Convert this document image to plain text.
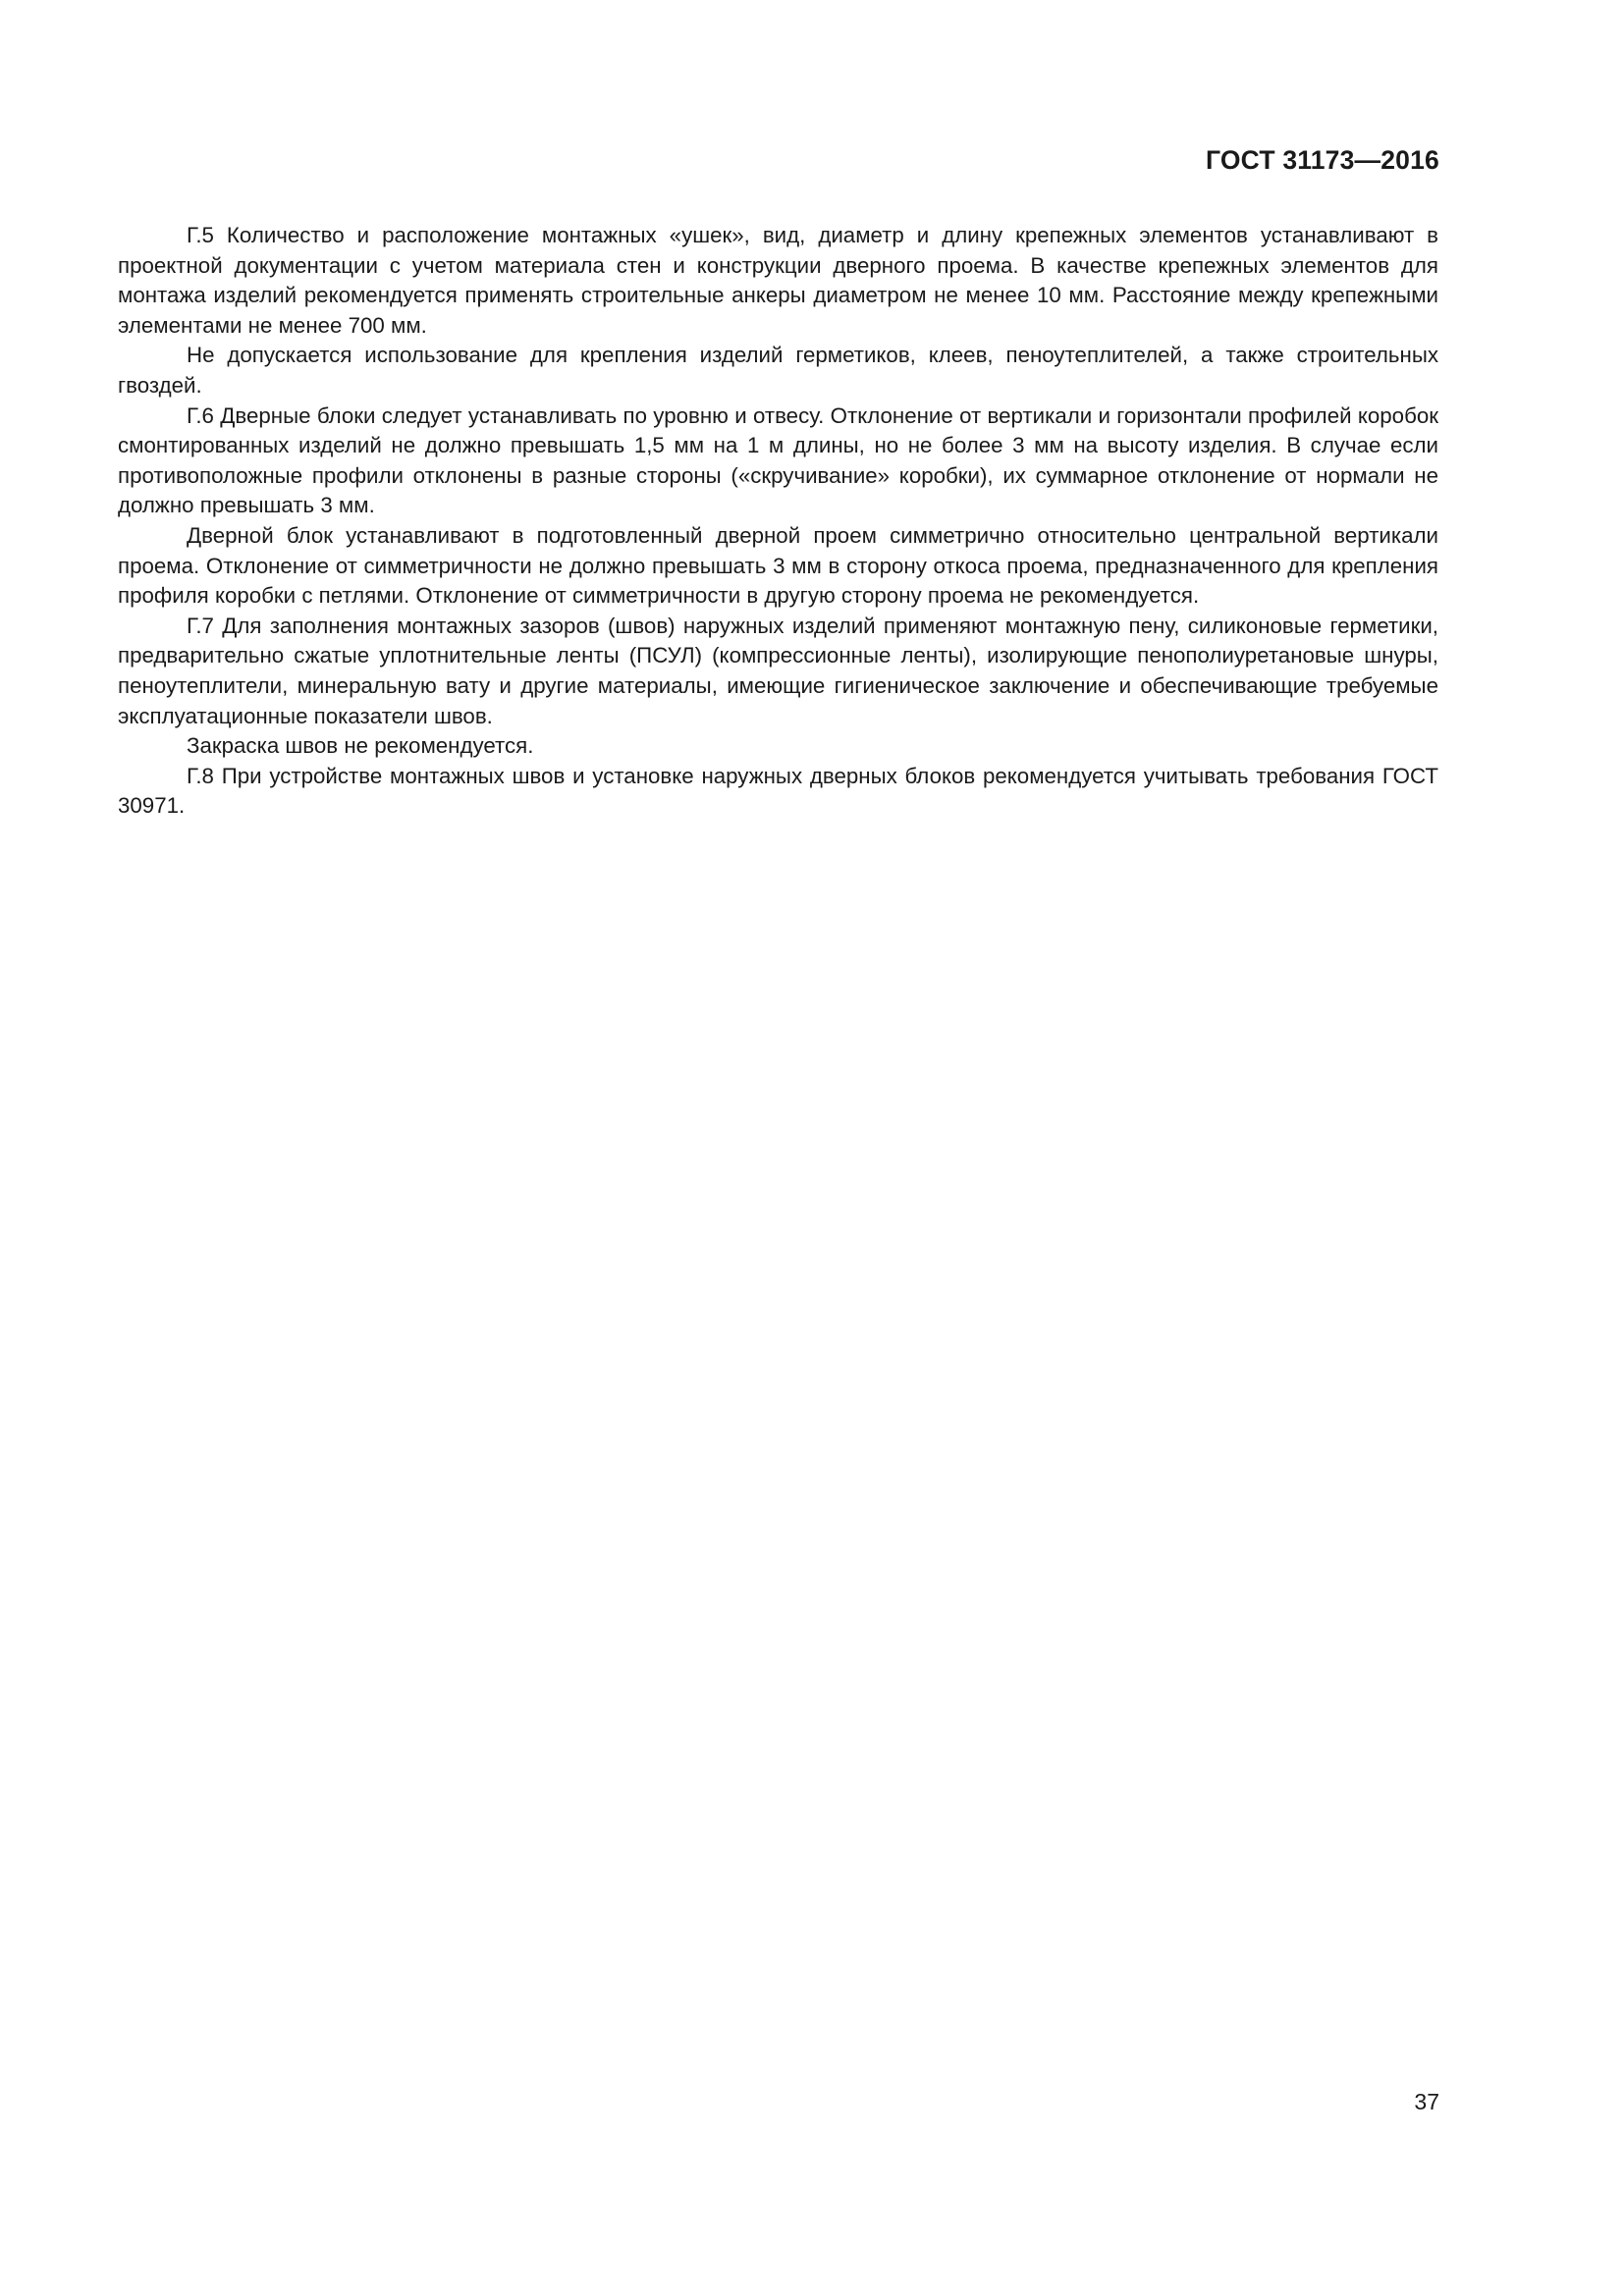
ГОСТ 31173—2016

Г.5 Количество и расположение монтажных «ушек», вид, диаметр и длину крепежных элементов устанавливают в проектной документации с учетом материала стен и конструкции дверного проема. В качестве крепежных элементов для монтажа изделий рекомендуется применять строительные анкеры диаметром не менее 10 мм. Расстояние между крепежными элементами не менее 700 мм.

Не допускается использование для крепления изделий герметиков, клеев, пеноутеплителей, а также строительных гвоздей.

Г.6 Дверные блоки следует устанавливать по уровню и отвесу. Отклонение от вертикали и горизонтали профилей коробок смонтированных изделий не должно превышать 1,5 мм на 1 м длины, но не более 3 мм на высоту изделия. В случае если противоположные профили отклонены в разные стороны («скручивание» коробки), их суммарное отклонение от нормали не должно превышать 3 мм.

Дверной блок устанавливают в подготовленный дверной проем симметрично относительно центральной вертикали проема. Отклонение от симметричности не должно превышать 3 мм в сторону откоса проема, предназначенного для крепления профиля коробки с петлями. Отклонение от симметричности в другую сторону проема не рекомендуется.

Г.7 Для заполнения монтажных зазоров (швов) наружных изделий применяют монтажную пену, силиконовые герметики, предварительно сжатые уплотнительные ленты (ПСУЛ) (компрессионные ленты), изолирующие пенополиуретановые шнуры, пеноутеплители, минеральную вату и другие материалы, имеющие гигиеническое заключение и обеспечивающие требуемые эксплуатационные показатели швов.

Закраска швов не рекомендуется.

Г.8 При устройстве монтажных швов и установке наружных дверных блоков рекомендуется учитывать требования ГОСТ 30971.

37
